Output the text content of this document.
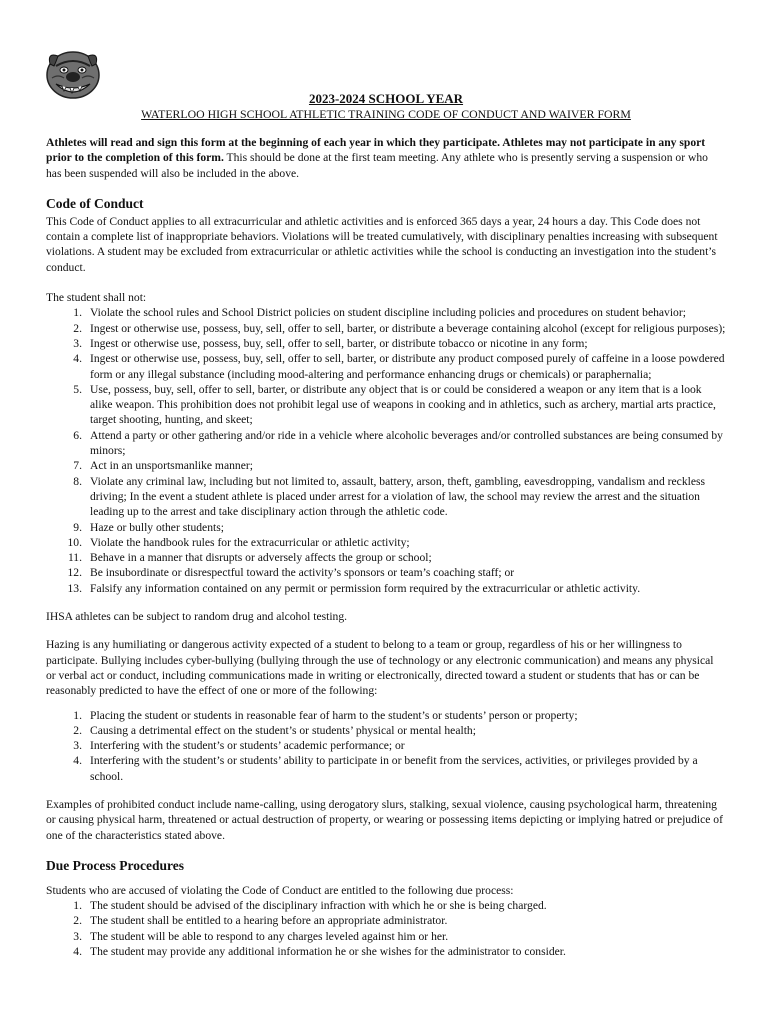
2023-2024 SCHOOL YEAR

WATERLOO HIGH SCHOOL ATHLETIC TRAINING CODE OF CONDUCT AND WAIVER FORM

Athletes will read and sign this form at the beginning of each year in which they participate. Athletes may not participate in any sport prior to the completion of this form. This should be done at the first team meeting. Any athlete who is presently serving a suspension or who has been suspended will also be included in the above.

Code of Conduct

This Code of Conduct applies to all extracurricular and athletic activities and is enforced 365 days a year, 24 hours a day. This Code does not contain a complete list of inappropriate behaviors. Violations will be treated cumulatively, with disciplinary penalties increasing with subsequent violations. A student may be excluded from extracurricular or athletic activities while the school is conducting an investigation into the student’s conduct.

The student shall not:

1. Violate the school rules and School District policies on student discipline including policies and procedures on student behavior;
2. Ingest or otherwise use, possess, buy, sell, offer to sell, barter, or distribute a beverage containing alcohol (except for religious purposes);
3. Ingest or otherwise use, possess, buy, sell, offer to sell, barter, or distribute tobacco or nicotine in any form;
4. Ingest or otherwise use, possess, buy, sell, offer to sell, barter, or distribute any product composed purely of caffeine in a loose powdered form or any illegal substance (including mood-altering and performance enhancing drugs or chemicals) or paraphernalia;
5. Use, possess, buy, sell, offer to sell, barter, or distribute any object that is or could be considered a weapon or any item that is a look alike weapon. This prohibition does not prohibit legal use of weapons in cooking and in athletics, such as archery, martial arts practice, target shooting, hunting, and skeet;
6. Attend a party or other gathering and/or ride in a vehicle where alcoholic beverages and/or controlled substances are being consumed by minors;
7. Act in an unsportsmanlike manner;
8. Violate any criminal law, including but not limited to, assault, battery, arson, theft, gambling, eavesdropping, vandalism and reckless driving; In the event a student athlete is placed under arrest for a violation of law, the school may review the arrest and the situation leading up to the arrest and take disciplinary action through the athletic code.
9. Haze or bully other students;
10. Violate the handbook rules for the extracurricular or athletic activity;
11. Behave in a manner that disrupts or adversely affects the group or school;
12. Be insubordinate or disrespectful toward the activity’s sponsors or team’s coaching staff; or
13. Falsify any information contained on any permit or permission form required by the extracurricular or athletic activity.

IHSA athletes can be subject to random drug and alcohol testing.

Hazing is any humiliating or dangerous activity expected of a student to belong to a team or group, regardless of his or her willingness to participate. Bullying includes cyber-bullying (bullying through the use of technology or any electronic communication) and means any physical or verbal act or conduct, including communications made in writing or electronically, directed toward a student or students that has or can be reasonably predicted to have the effect of one or more of the following:

1. Placing the student or students in reasonable fear of harm to the student’s or students’ person or property;
2. Causing a detrimental effect on the student’s or students’ physical or mental health;
3. Interfering with the student’s or students’ academic performance; or
4. Interfering with the student’s or students’ ability to participate in or benefit from the services, activities, or privileges provided by a school.

Examples of prohibited conduct include name-calling, using derogatory slurs, stalking, sexual violence, causing psychological harm, threatening or causing physical harm, threatened or actual destruction of property, or wearing or possessing items depicting or implying hatred or prejudice of one of the characteristics stated above.

Due Process Procedures

Students who are accused of violating the Code of Conduct are entitled to the following due process:

1. The student should be advised of the disciplinary infraction with which he or she is being charged.
2. The student shall be entitled to a hearing before an appropriate administrator.
3. The student will be able to respond to any charges leveled against him or her.
4. The student may provide any additional information he or she wishes for the administrator to consider.
